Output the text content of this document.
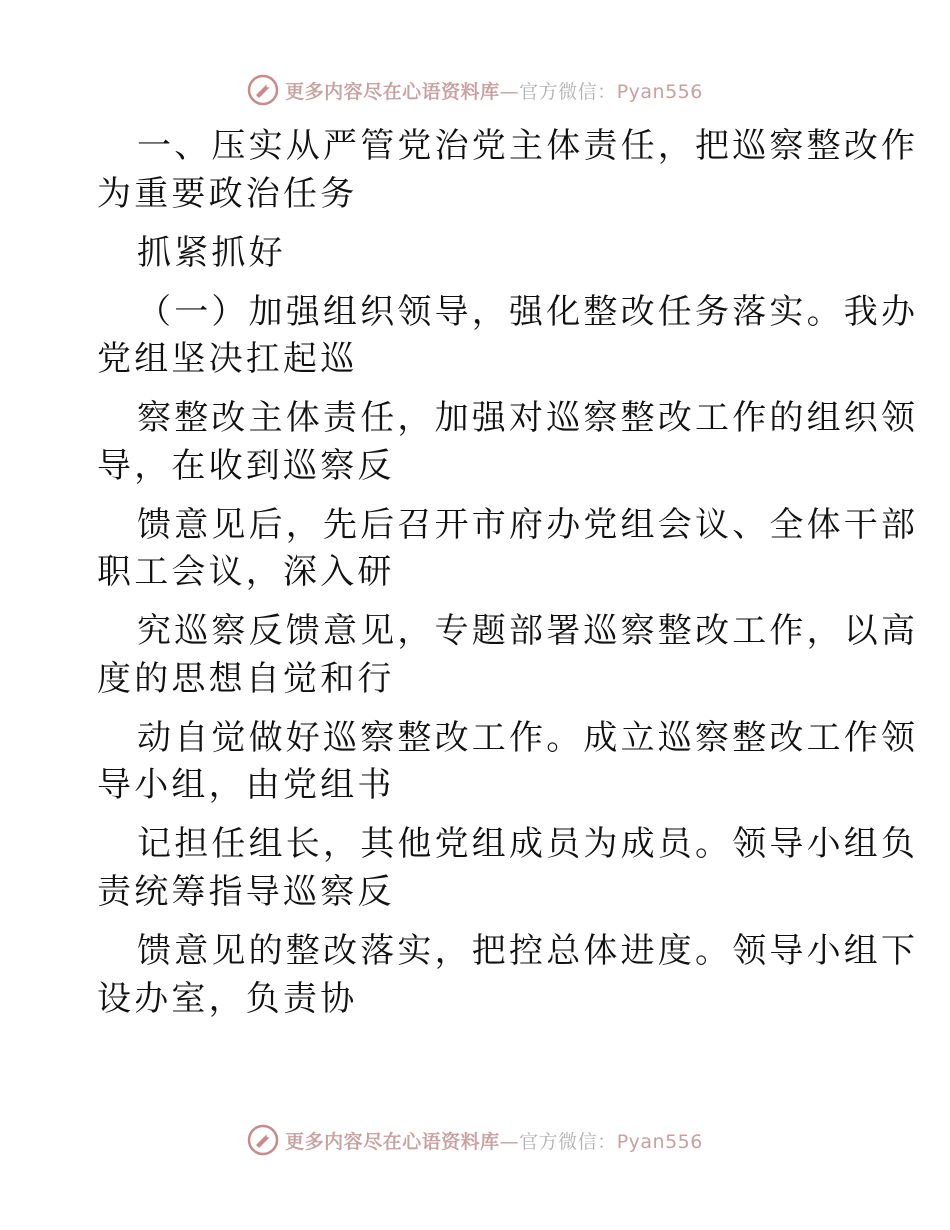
更多内容尽在心语资料库—官方微信：Pyan556
一、压实从严管党治党主体责任，把巡察整改作
为重要政治任务
抓紧抓好
（一）加强组织领导，强化整改任务落实。我办
党组坚决扛起巡
察整改主体责任，加强对巡察整改工作的组织领
导，在收到巡察反
馈意见后，先后召开市府办党组会议、全体干部
职工会议，深入研
究巡察反馈意见，专题部署巡察整改工作，以高
度的思想自觉和行
动自觉做好巡察整改工作。成立巡察整改工作领
导小组，由党组书
记担任组长，其他党组成员为成员。领导小组负
责统筹指导巡察反
馈意见的整改落实，把控总体进度。领导小组下
设办室，负责协
更多内容尽在心语资料库—官方微信：Pyan556
